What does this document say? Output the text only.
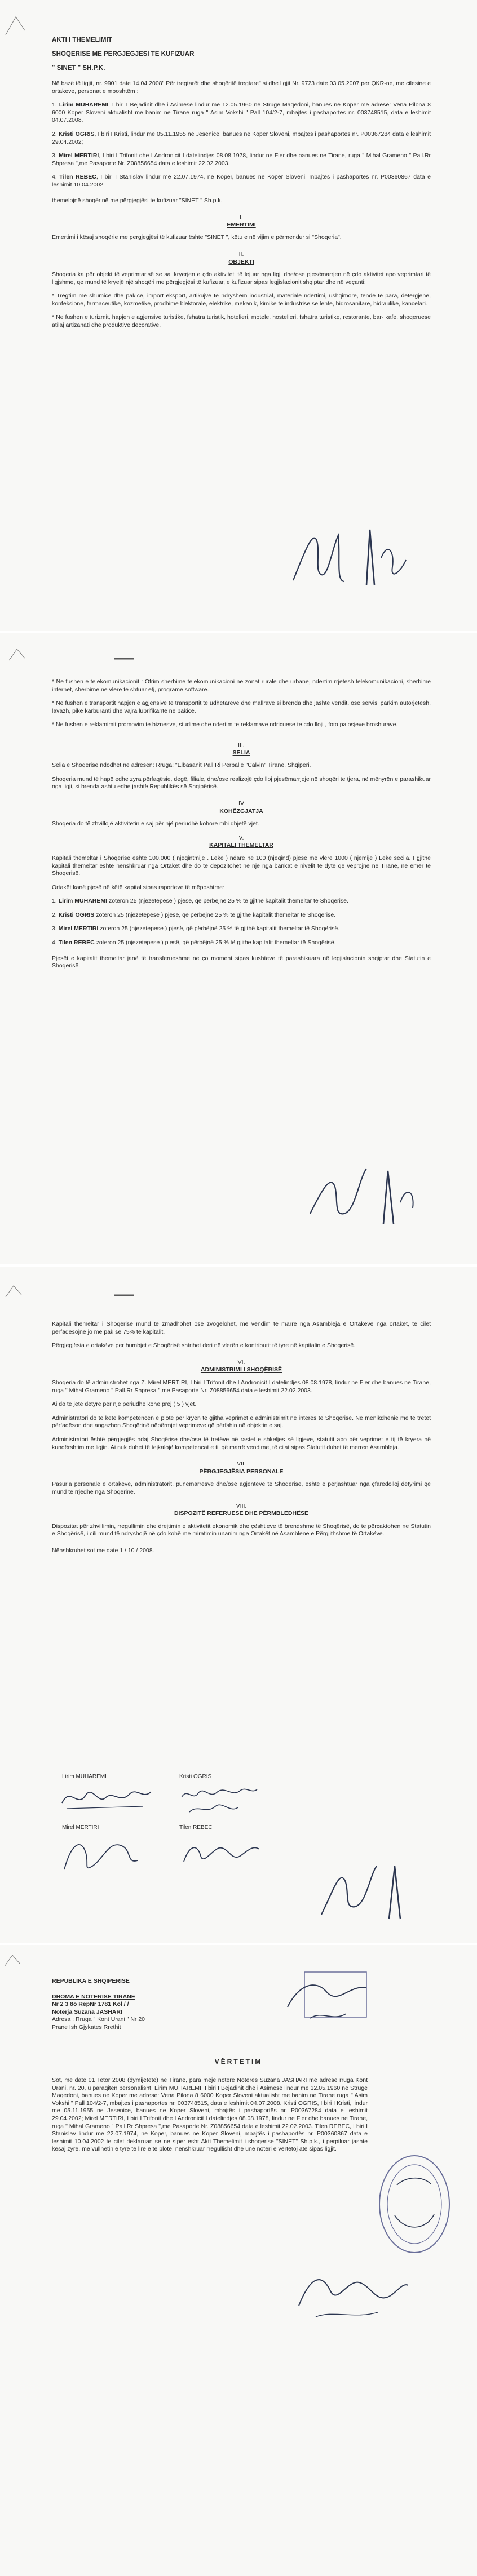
AKTI I THEMELIMIT

SHOQERISE ME PERGJEGJESI TE KUFIZUAR

" SINET " SH.P.K.

Në bazë të ligjit, nr. 9901 date 14.04.2008" Për tregtarët dhe shoqëritë tregtare" si dhe ligjit Nr. 9723 date 03.05.2007 per QKR-ne, me cilesine e ortakeve, personat e mposhtëm :

1. Lirim MUHAREMI, I biri I Bejadinit dhe i Asimese lindur me 12.05.1960 ne Struge Maqedoni, banues ne Koper me adrese: Vena Pilona 8 6000 Koper Sloveni aktualisht me banim ne Tirane ruga " Asim Vokshi " Pall 104/2-7, mbajtes i pashaportes nr. 003748515, data e leshimit 04.07.2008.

2. Kristi OGRIS, I biri I Kristi, lindur me 05.11.1955 ne Jesenice, banues ne Koper Sloveni, mbajtës i pashaportës nr. P00367284 data e leshimit 29.04.2002;

3. Mirel MERTIRI, I biri I Trifonit dhe I Andronicit I datelindjes 08.08.1978, lindur ne Fier dhe banues ne Tirane, ruga " Mihal Grameno " Pall.Rr Shpresa ",me Pasaporte Nr. Z08856654 data e leshimit 22.02.2003.

4. Tilen REBEC, I biri I Stanislav lindur me 22.07.1974, ne Koper, banues në Koper Sloveni, mbajtës i pashaportës nr. P00360867 data e leshimit 10.04.2002

themelojnë shoqërinë me përgjegjësi të kufizuar "SINET " Sh.p.k.

I.
EMERTIMI

Emertimi i kësaj shoqërie me përgjegjësi të kufizuar është "SINET ", këtu e në vijim e përmendur si "Shoqëria".

II.
OBJEKTI

Shoqëria ka për objekt të veprimtarisë se saj kryerjen e çdo aktiviteti të lejuar nga ligji dhe/ose pjesëmarrjen në çdo aktivitet apo veprimtari të ligjshme, qe mund të kryejë një shoqëri me përgjegjësi të kufizuar, e kufizuar sipas legjislacionit shqiptar dhe në veçanti:

* Tregtim me shumice dhe pakice, import eksport, artikujve te ndryshem industrial, materiale ndertimi, ushqimore, tende te para, detergjene, konfeksione, farmaceutike, kozmetike, prodhime blektorale, elektrike, mekanik, kimike te industrise se lehte, hidrosanitare, hidraulike, kancelari.

* Ne fushen e turizmit, hapjen e agjensive turistike, fshatra turistik, hotelieri, motele, hostelieri, fshatra turistike, restorante, bar- kafe, shoqeruese atilaj artizanati dhe produktive decorative.

* Ne fushen e telekomunikacionit : Ofrim sherbime telekomunikacioni ne zonat rurale dhe urbane, ndertim rrjetesh telekomunikacioni, sherbime internet, sherbime ne vlere te shtuar etj, programe software.

* Ne fushen e transportit hapjen e agjensive te transportit te udhetareve dhe mallrave si brenda dhe jashte vendit, ose servisi parkim autorjetesh, lavazh, pike karburanti dhe vajra lubrifikante ne pakice.

* Ne fushen e reklamimit promovim te biznesve, studime dhe ndertim te reklamave ndricuese te cdo lloji , foto palosjeve broshurave.

III.
SELIA

Selia e Shoqërisë ndodhet në adresën: Rruga: "Elbasanit Pall Ri Perballe "Calvin" Tiranë. Shqipëri.

Shoqëria mund të hapë edhe zyra përfaqësie, degë, filiale, dhe/ose realizojë çdo lloj pjesëmarrjeje në shoqëri të tjera, në mënyrën e parashikuar nga ligji, si brenda ashtu edhe jashtë Republikës së Shqipërisë.

IV
KOHËZGJATJA

Shoqëria do të zhvillojë aktivitetin e saj për një periudhë kohore mbi dhjetë vjet.

V.
KAPITALI THEMELTAR

Kapitali themeltar i Shoqërisë është 100.000 ( njeqintmije . Lekë ) ndarë në 100 (njëqind) pjesë me vlerë 1000 ( njemije ) Lekë secila. I gjithë kapitali themeltar është nënshkruar nga Ortakët dhe do të depozitohet në një nga bankat e nivelit të dytë që veprojnë në Tiranë, në emër të Shoqërisë.

Ortakët kanë pjesë në këtë kapital sipas raporteve të mëposhtme:

1. Lirim MUHAREMI zoteron 25 (njezetepese ) pjesë, që përbëjnë 25 % të gjithë kapitalit themeltar të Shoqërisë.

2. Kristi OGRIS zoteron 25 (njezetepese ) pjesë, që përbëjnë 25 % të gjithë kapitalit themeltar të Shoqërisë.

3. Mirel MERTIRI zoteron 25 (njezetepese ) pjesë, që përbëjnë 25 % të gjithë kapitalit themeltar të Shoqërisë.

4. Tilen REBEC zoteron 25 (njezetepese ) pjesë, që përbëjnë 25 % të gjithë kapitalit themeltar të Shoqërisë.

Pjesët e kapitalit themeltar janë të transferueshme në ço moment sipas kushteve të parashikuara në legjislacionin shqiptar dhe Statutin e Shoqërisë.

Kapitali themeltar i Shoqërisë mund të zmadhohet ose zvogëlohet, me vendim të marrë nga Asambleja e Ortakëve nga ortakët, të cilët përfaqësojnë jo më pak se 75% të kapitalit.

Përgjegjësia e ortakëve për humbjet e Shoqërisë shtrihet deri në vlerën e kontributit të tyre në kapitalin e Shoqërisë.

VI.
ADMINISTRIMI I SHOQËRISË

Shoqëria do të administrohet nga Z. Mirel MERTIRI, I biri I Trifonit dhe I Andronicit I datelindjes 08.08.1978, lindur ne Fier dhe banues ne Tirane, ruga " Mihal Grameno " Pall.Rr Shpresa ",me Pasaporte Nr. Z08856654 data e leshimit 22.02.2003.

Ai do të jetë detyre për një periudhë kohe prej ( 5 ) vjet.

Administratori do të ketë kompetencën e plotë për kryen të gjitha veprimet e administrimit ne interes të Shoqërisë. Ne menikdhënie me te tretët përfaqëson dhe angazhon Shoqërinë nëpërmjet veprimeve që përfshin në objektin e saj.

Administratori është përgjegjës ndaj Shoqërise dhe/ose të tretëve në rastet e shkeljes së ligjeve, statutit apo për veprimet e tij të kryera në kundërshtim me ligjin. Ai nuk duhet të tejkalojë kompetencat e tij që marrë vendime, të cilat sipas Statutit duhet të merren Asambleja.

VII.
PËRGJEGJËSIA PERSONALE

Pasuria personale e ortakëve, administratorit, punëmarrësve dhe/ose agjentëve të Shoqërisë, është e përjashtuar nga çfarëdolloj detyrimi që mund të rrjedhë nga Shoqërinë.

VIII.
DISPOZITË REFERUESE DHE PËRMBLEDHËSE

Dispozitat për zhvillimin, rregullimin dhe drejtimin e aktivitetit ekonomik dhe çështjeve të brendshme të Shoqërisë, do të përcaktohen ne Statutin e Shoqërisë, i cili mund të ndryshojë në çdo kohë me miratimin unanim nga Ortakët në Asamblenë e Përgjithshme të Ortakëve.

Nënshkruhet sot me datë 1 / 10 / 2008.

Lirim MUHAREMI	Kristi OGRIS
Mirel MERTIRI	Tilen REBEC
REPUBLIKA E SHQIPERISE
DHOMA E NOTERISE TIRANE
Nr 2 3 8o RepNr 1781 Kol / /
Noterja Suzana JASHARI
Adresa : Rruga " Kont Urani " Nr 20
Prane Ish Gjykates Rrethit
VËRTETIM

Sot, me date 01 Tetor 2008 (dymijetete) ne Tirane, para meje notere Noteres Suzana JASHARI me adrese rruga Kont Urani, nr. 20, u paraqiten personalisht: Lirim MUHAREMI, I biri I Bejadinit dhe i Asimese lindur me 12.05.1960 ne Struge Maqedoni, banues ne Koper me adrese: Vena Pilona 8 6000 Koper Sloveni aktualisht me banim ne Tirane ruga " Asim Vokshi " Pall 104/2-7, mbajtes i pashaportes nr. 003748515, data e leshimit 04.07.2008. Kristi OGRIS, I biri I Kristi, lindur me 05.11.1955 ne Jesenice, banues ne Koper Sloveni, mbajtës i pashaportës nr. P00367284 data e leshimit 29.04.2002; Mirel MERTIRI, I biri I Trifonit dhe I Andronicit I datelindjes 08.08.1978, lindur ne Fier dhe banues ne Tirane, ruga " Mihal Grameno " Pall.Rr Shpresa ",me Pasaporte Nr. Z08856654 data e leshimit 22.02.2003. Tilen REBEC, I biri I Stanislav lindur me 22.07.1974, ne Koper, banues në Koper Sloveni, mbajtës i pashaportës nr. P00360867 data e leshimit 10.04.2002 te cilet deklaruan se ne siper esht Akti Themelimit i shoqerise "SINET" Sh.p.k., i perpiluar jashte kesaj zyre, me vullnetin e tyre te lire e te plote, nenshkruar rregullisht dhe une noteri e vertetoj ate sipas ligjit.
